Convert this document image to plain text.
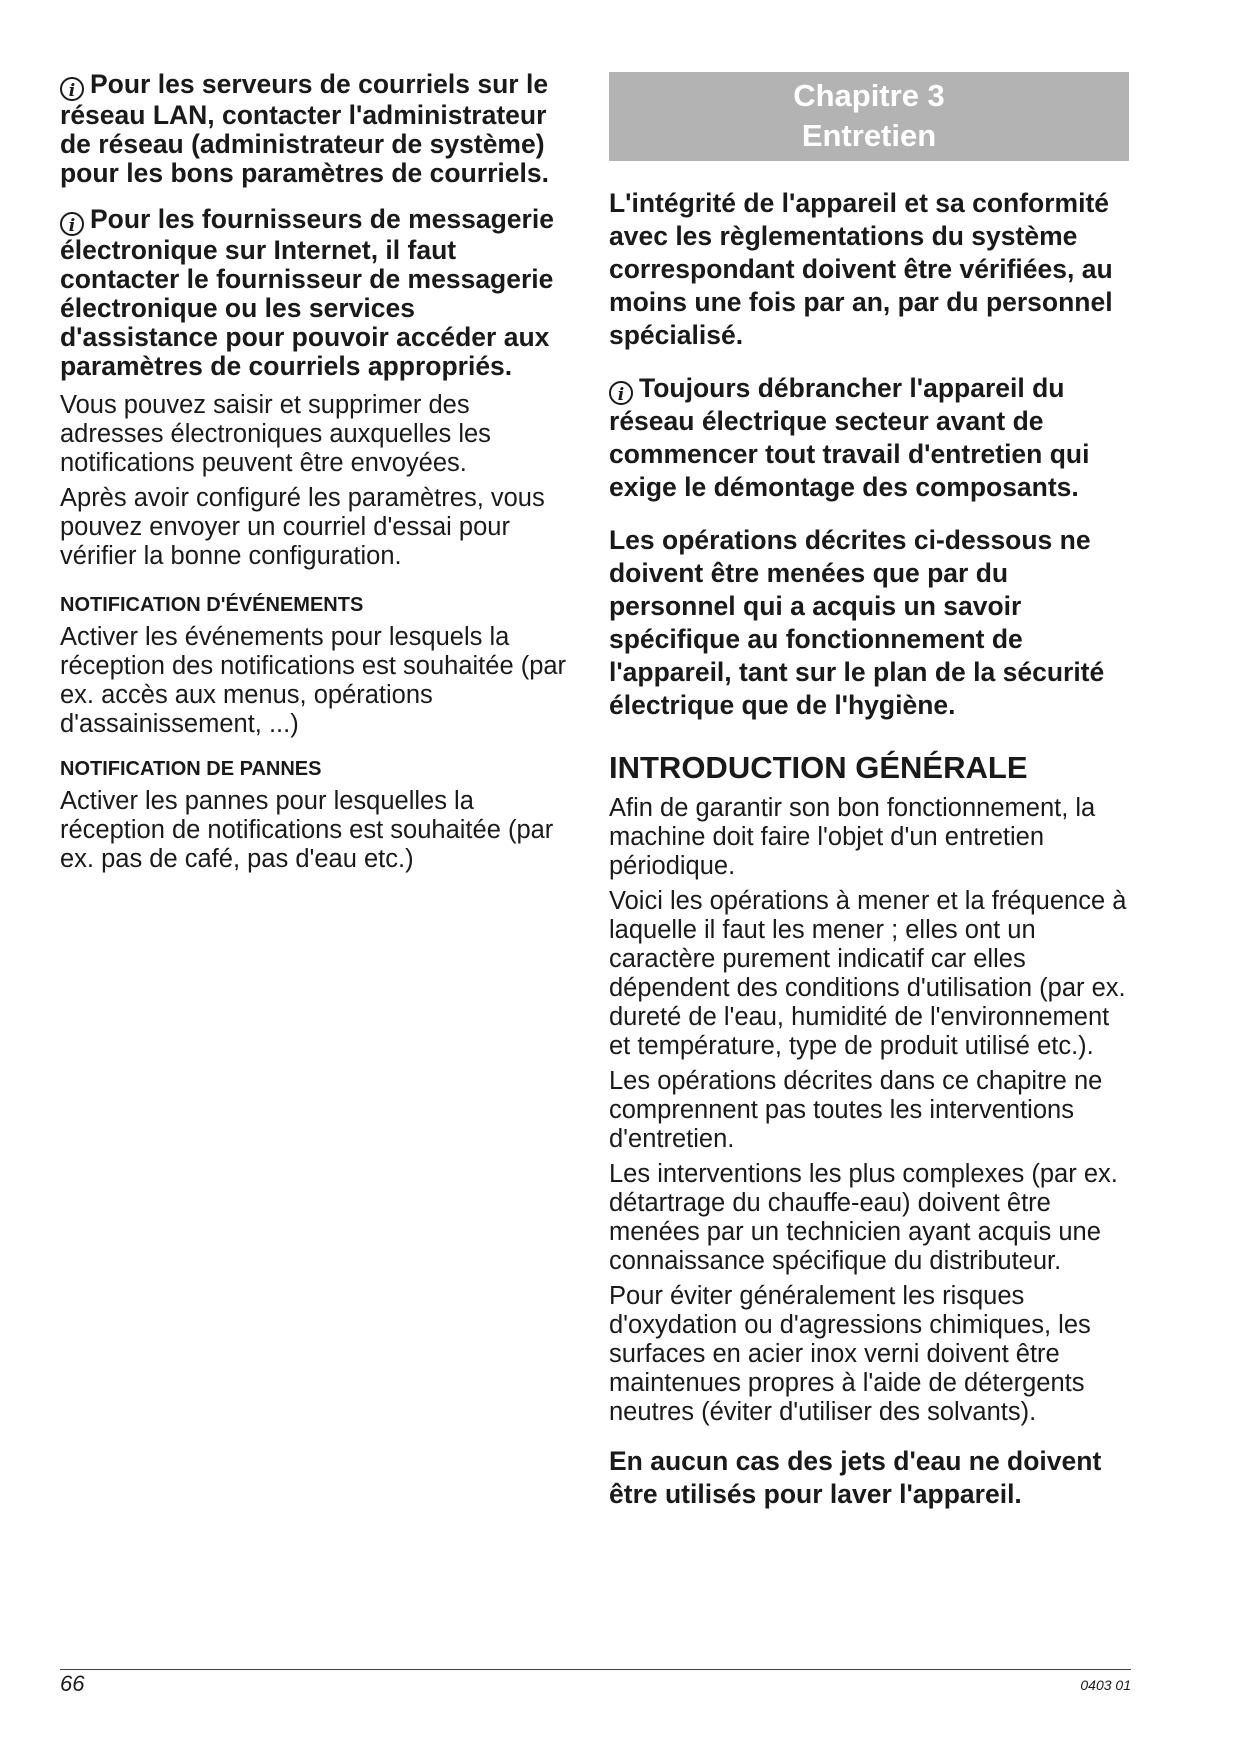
i Pour les serveurs de courriels sur le réseau LAN, contacter l'administrateur de réseau (administrateur de système) pour les bons paramètres de courriels.

i Pour les fournisseurs de messagerie électronique sur Internet, il faut contacter le fournisseur de messagerie électronique ou les services d'assistance pour pouvoir accéder aux paramètres de courriels appropriés.

Vous pouvez saisir et supprimer des adresses électroniques auxquelles les notifications peuvent être envoyées.

Après avoir configuré les paramètres, vous pouvez envoyer un courriel d'essai pour vérifier la bonne configuration.

NOTIFICATION D'ÉVÉNEMENTS

Activer les événements pour lesquels la réception des notifications est souhaitée (par ex. accès aux menus, opérations d'assainissement, ...)

NOTIFICATION DE PANNES

Activer les pannes pour lesquelles la réception de notifications est souhaitée (par ex. pas de café, pas d'eau etc.)

Chapitre 3
Entretien

L'intégrité de l'appareil et sa conformité avec les règlementations du système correspondant doivent être vérifiées, au moins une fois par an, par du personnel spécialisé.

i Toujours débrancher l'appareil du réseau électrique secteur avant de commencer tout travail d'entretien qui exige le démontage des composants.

Les opérations décrites ci-dessous ne doivent être menées que par du personnel qui a acquis un savoir spécifique au fonctionnement de l'appareil, tant sur le plan de la sécurité électrique que de l'hygiène.

INTRODUCTION GÉNÉRALE

Afin de garantir son bon fonctionnement, la machine doit faire l'objet d'un entretien périodique.

Voici les opérations à mener et la fréquence à laquelle il faut les mener ; elles ont un caractère purement indicatif car elles dépendent des conditions d'utilisation (par ex. dureté de l'eau, humidité de l'environnement et température, type de produit utilisé etc.).

Les opérations décrites dans ce chapitre ne comprennent pas toutes les interventions d'entretien.

Les interventions les plus complexes (par ex. détartrage du chauffe-eau) doivent être menées par un technicien ayant acquis une connaissance spécifique du distributeur.

Pour éviter généralement les risques d'oxydation ou d'agressions chimiques, les surfaces en acier inox verni doivent être maintenues propres à l'aide de détergents neutres (éviter d'utiliser des solvants).

En aucun cas des jets d'eau ne doivent être utilisés pour laver l'appareil.

66	0403 01
